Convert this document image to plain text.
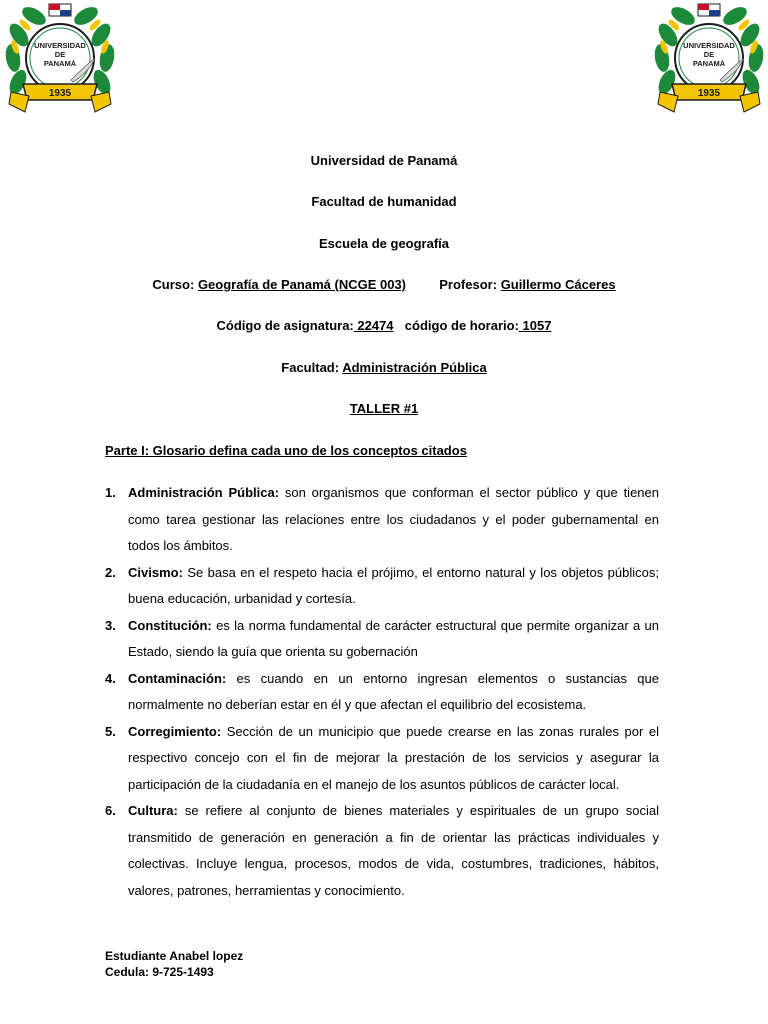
UNIVERSIDAD
DE
PANAMÁ
1935
UNIVERSIDAD
DE
PANAMÁ
1935
Universidad de Panamá
Facultad de humanidad
Escuela de geografía
Curso: Geografía de Panamá (NCGE 003)	Profesor: Guillermo Cáceres
Código de asignatura: 22474 código de horario: 1057
Facultad: Administración Pública
TALLER #1
Parte I: Glosario defina cada uno de los conceptos citados
1. Administración Pública: son organismos que conforman el sector público y que tienen como tarea gestionar las relaciones entre los ciudadanos y el poder gubernamental en todos los ámbitos.
2. Civismo: Se basa en el respeto hacia el prójimo, el entorno natural y los objetos públicos; buena educación, urbanidad y cortesía.
3. Constitución: es la norma fundamental de carácter estructural que permite organizar a un Estado, siendo la guía que orienta su gobernación
4. Contaminación: es cuando en un entorno ingresan elementos o sustancias que normalmente no deberían estar en él y que afectan el equilibrio del ecosistema.
5. Corregimiento: Sección de un municipio que puede crearse en las zonas rurales por el respectivo concejo con el fin de mejorar la prestación de los servicios y asegurar la participación de la ciudadanía en el manejo de los asuntos públicos de carácter local.
6. Cultura: se refiere al conjunto de bienes materiales y espirituales de un grupo social transmitido de generación en generación a fin de orientar las prácticas individuales y colectivas. Incluye lengua, procesos, modos de vida, costumbres, tradiciones, hábitos, valores, patrones, herramientas y conocimiento.
Estudiante Anabel lopez
Cedula: 9-725-1493
